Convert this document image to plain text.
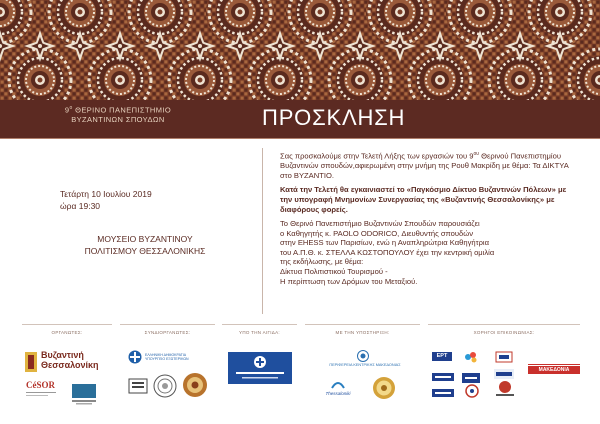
$9^o$ ΘΕΡΙΝΟ ΠΑΝΕΠΙΣΤΗΜΙΟ
ΒΥΖΑΝΤΙΝΩΝ ΣΠΟΥΔΩΝ	ΠΡΟΣΚΛΗΣΗ
Τετάρτη 10 Ιουλίου 2019
ώρα 19:30
ΜΟΥΣΕΙΟ ΒΥΖΑΝΤΙΝΟΥ
ΠΟΛΙΤΙΣΜΟΥ ΘΕΣΣΑΛΟΝΙΚΗΣ

Σας προσκαλούμε στην Τελετή Λήξης των εργασιών του $9^{o\upsilon}$ Θερινού Πανεπιστημίου Βυζαντινών σπουδών,αφιερωμένη στην μνήμη της Ρουθ Μακρίδη με θέμα: Τα ΔΙΚΤΥΑ στο ΒΥΖΑΝΤΙΟ.

Κατά την Τελετή θα εγκαινιαστεί το «Παγκόσμιο Δίκτυο Βυζαντινών Πόλεων» με την υπογραφή Μνημονίων Συνεργασίας της «Βυζαντινής Θεσσαλονίκης» με διαφόρους φορείς.

Το Θερινό Πανεπιστήμιο Βυζαντινών Σπουδών παρουσιάζει
ο Καθηγητής κ. PAOLO ODORICO, Διευθυντής σπουδών
στην EHESS των Παρισίων, ενώ η Αναπληρώτρια Καθηγήτρια
του Α.Π.Θ. κ. ΣΤΕΛΛΑ ΚΩΣΤΟΠΟΥΛΟΥ έχει την κεντρική ομιλία
της εκδήλωσης, με θέμα:
Δίκτυα Πολιτιστικού Τουρισμού -
Η περίπτωση των Δρόμων του Μεταξιού.

ΟΡΓΑΝΩΤΕΣ:	ΣΥΝΔΙΟΡΓΑΝΩΤΕΣ:	ΥΠΟ ΤΗΝ ΑΙΓΙΔΑ:	ΜΕ ΤΗΝ ΥΠΟΣΤΗΡΙΞΗ:	ΧΟΡΗΓΟΙ ΕΠΙΚΟΙΝΩΝΙΑΣ:
Βυζαντινή
Θεσσαλονίκη
CéSOR
ΕΛΛΗΝΙΚΗ ΔΗΜΟΚΡΑΤΙΑ ΥΠΟΥΡΓΕΙΟ ΕΞΩΤΕΡΙΚΩΝ
ΠΕΡΙΦΕΡΕΙΑ ΚΕΝΤΡΙΚΗΣ ΜΑΚΕΔΟΝΙΑΣ
Thessaloniki
ΕΡΤ
ΜΑΚΕΔΟΝΙΑ
